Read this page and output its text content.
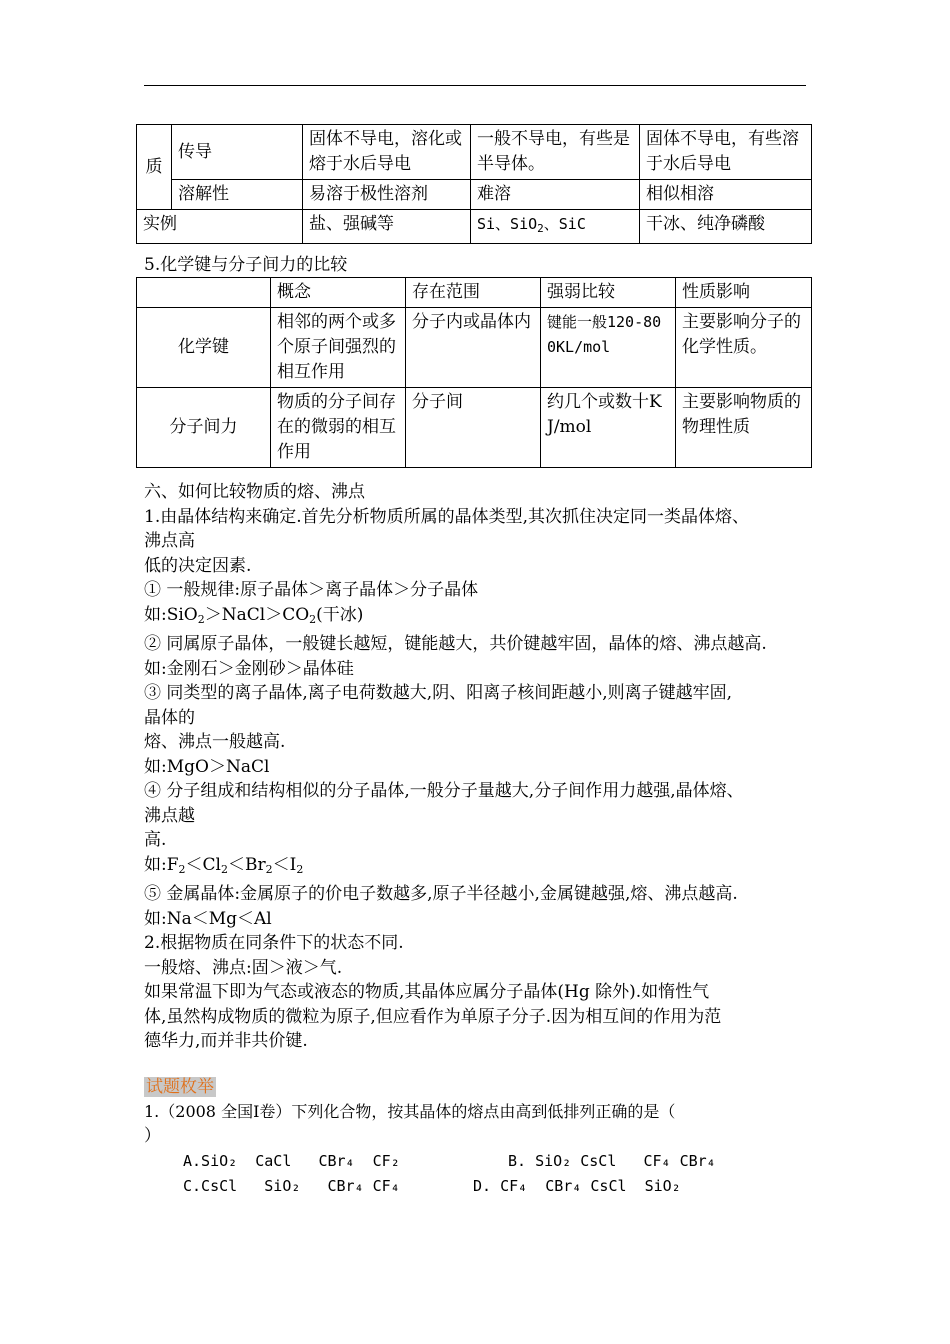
质	传导	固体不导电，溶化或熔于水后导电	一般不导电，有些是半导体。	固体不导电，有些溶于水后导电
	溶解性	易溶于极性溶剂	难溶	相似相溶
实例		盐、强碱等	Si、SiO$_2$、SiC	干冰、纯净磷酸
5.化学键与分子间力的比较
	概念	存在范围	强弱比较	性质影响
化学键	相邻的两个或多个原子间强烈的相互作用	分子内或晶体内	键能一般120-800KL/mol	主要影响分子的化学性质。
分子间力	物质的分子间存在的微弱的相互作用	分子间	约几个或数十KJ/mol	主要影响物质的物理性质

六、如何比较物质的熔、沸点

1.由晶体结构来确定.首先分析物质所属的晶体类型,其次抓住决定同一类晶体熔、

沸点高

低的决定因素.

① 一般规律:原子晶体＞离子晶体＞分子晶体

如$:SiO_2>NaCl>CO_2$(干冰)

② 同属原子晶体，一般键长越短，键能越大，共价键越牢固，晶体的熔、沸点越高.

如:金刚石＞金刚砂＞晶体硅

③ 同类型的离子晶体,离子电荷数越大,阴、阳离子核间距越小,则离子键越牢固,

晶体的

熔、沸点一般越高.

如:MgO＞NaCl

④ 分子组成和结构相似的分子晶体,一般分子量越大,分子间作用力越强,晶体熔、

沸点越

高.

如$:F_2<Cl_2<Br_2<I_2$

⑤ 金属晶体:金属原子的价电子数越多,原子半径越小,金属键越强,熔、沸点越高.

如:Na＜Mg＜Al

2.根据物质在同条件下的状态不同.

一般熔、沸点:固＞液＞气.

如果常温下即为气态或液态的物质,其晶体应属分子晶体(Hg 除外).如惰性气

体,虽然构成物质的微粒为原子,但应看作为单原子分子.因为相互间的作用为范

德华力,而并非共价键.

试题枚举

1.（2008 全国Ⅰ卷）下列化合物，按其晶体的熔点由高到低排列正确的是（

）

A.SiO₂  CaCl   CBr₄  CF₂	B. SiO₂ CsCl   CF₄ CBr₄
C.CsCl   SiO₂   CBr₄ CF₄	D. CF₄  CBr₄ CsCl  SiO₂
